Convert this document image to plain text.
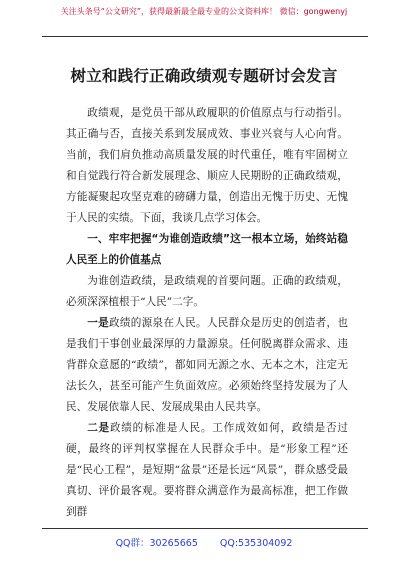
关注头条号“公文研究”，获得最新最全最专业的公文资料库！ 微信：gongwenyj
树立和践行正确政绩观专题研讨会发言

政绩观，是党员干部从政履职的价值原点与行动指引。其正确与否，直接关系到发展成效、事业兴衰与人心向背。当前，我们肩负推动高质量发展的时代重任，唯有牢固树立和自觉践行符合新发展理念、顺应人民期盼的正确政绩观，方能凝聚起攻坚克难的磅礴力量，创造出无愧于历史、无愧于人民的实绩。下面，我谈几点学习体会。

一、牢牢把握“为谁创造政绩”这一根本立场，始终站稳人民至上的价值基点

为谁创造政绩，是政绩观的首要问题。正确的政绩观，必须深深植根于“人民”二字。

一是政绩的源泉在人民。人民群众是历史的创造者，也是我们干事创业最深厚的力量源泉。任何脱离群众需求、违背群众意愿的“政绩”，都如同无源之水、无本之木，注定无法长久，甚至可能产生负面效应。必须始终坚持发展为了人民、发展依靠人民、发展成果由人民共享。

二是政绩的标准是人民。工作成效如何，政绩是否过硬，最终的评判权掌握在人民群众手中。是“形象工程”还是“民心工程”，是短期“盆景”还是长远“风景”，群众感受最真切、评价最客观。要将群众满意作为最高标准，把工作做到群

QQ群：30265665 QQ:535304092
